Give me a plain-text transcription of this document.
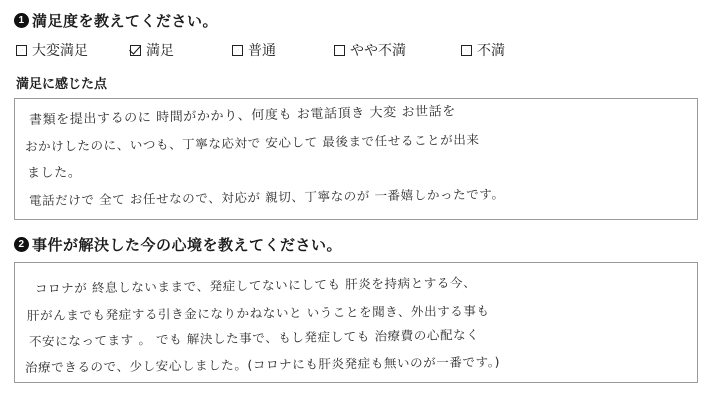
1 満足度を教えてください。
大変満足	満足	普通	やや不満	不満
満足に感じた点

書類を提出するのに 時間がかかり、何度も お電話頂き 大変 お世話を

おかけしたのに、いつも、丁寧な応対で 安心して 最後まで任せることが出来

ました。

電話だけで 全て お任せなので、対応が 親切、丁寧なのが 一番嬉しかったです。

2 事件が解決した今の心境を教えてください。

コロナが 終息しないままで、発症してないにしても 肝炎を持病とする今、

肝がんまでも発症する引き金になりかねないと いうことを聞き、外出する事も

不安になってます 。 でも 解決した事で、もし発症しても 治療費の心配なく

治療できるので、少し安心しました。(コロナにも肝炎発症も無いのが一番です。)
